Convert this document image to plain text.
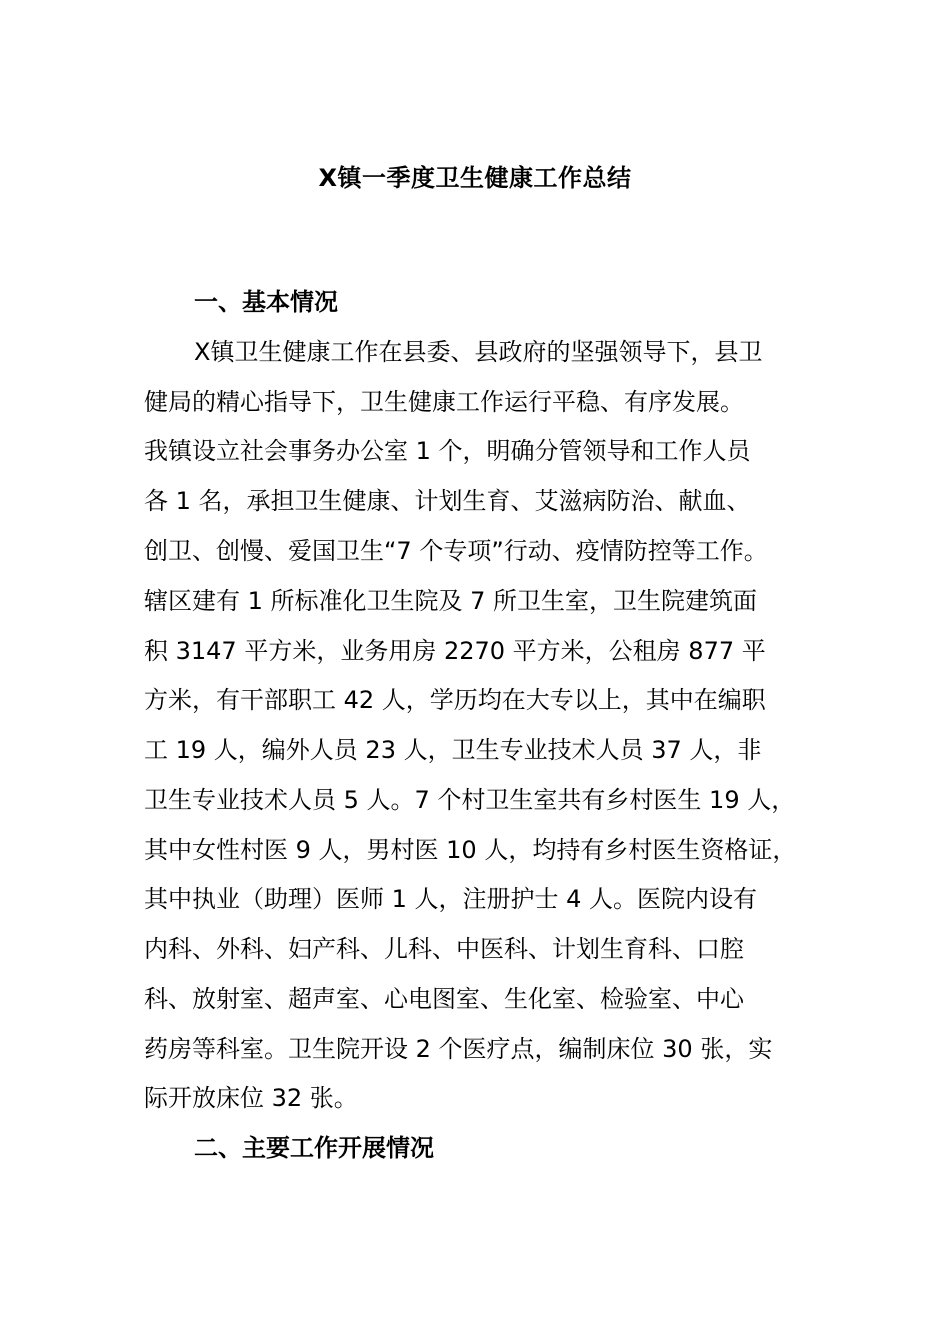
X镇一季度卫生健康工作总结
一、基本情况
X镇卫生健康工作在县委、县政府的坚强领导下，县卫
健局的精心指导下，卫生健康工作运行平稳、有序发展。
我镇设立社会事务办公室 1 个，明确分管领导和工作人员
各 1 名，承担卫生健康、计划生育、艾滋病防治、献血、
创卫、创慢、爱国卫生“7 个专项”行动、疫情防控等工作。
辖区建有 1 所标准化卫生院及 7 所卫生室，卫生院建筑面
积 3147 平方米，业务用房 2270 平方米，公租房 877 平
方米，有干部职工 42 人，学历均在大专以上，其中在编职
工 19 人，编外人员 23 人，卫生专业技术人员 37 人，非
卫生专业技术人员 5 人。7 个村卫生室共有乡村医生 19 人，
其中女性村医 9 人，男村医 10 人，均持有乡村医生资格证，
其中执业（助理）医师 1 人，注册护士 4 人。医院内设有
内科、外科、妇产科、儿科、中医科、计划生育科、口腔
科、放射室、超声室、心电图室、生化室、检验室、中心
药房等科室。卫生院开设 2 个医疗点，编制床位 30 张，实
际开放床位 32 张。
二、主要工作开展情况
